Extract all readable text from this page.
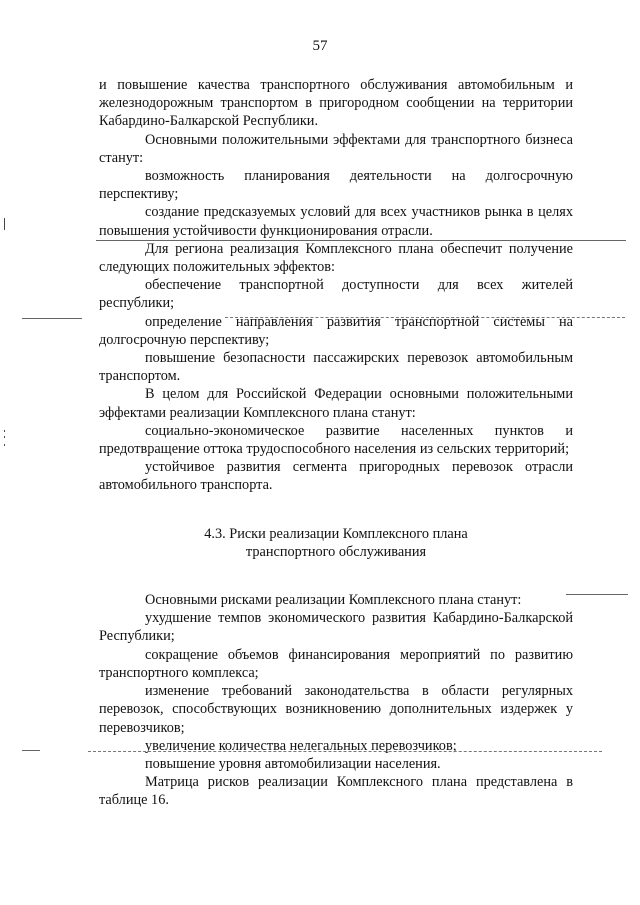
57

и повышение качества транспортного обслуживания автомобильным и железнодорожным транспортом в пригородном сообщении на территории Кабардино-Балкарской Республики.

Основными положительными эффектами для транспортного бизнеса станут:

возможность планирования деятельности на долгосрочную перспективу;

создание предсказуемых условий для всех участников рынка в целях повышения устойчивости функционирования отрасли.

Для региона реализация Комплексного плана обеспечит получение следующих положительных эффектов:

обеспечение транспортной доступности для всех жителей республики;

определение направления развития транспортной системы на долгосрочную перспективу;

повышение безопасности пассажирских перевозок автомобильным транспортом.

В целом для Российской Федерации основными положительными эффектами реализации Комплексного плана станут:

социально-экономическое развитие населенных пунктов и предотвращение оттока трудоспособного населения из сельских территорий;

устойчивое развития сегмента пригородных перевозок отрасли автомобильного транспорта.

4.3. Риски реализации Комплексного плана
транспортного обслуживания

Основными рисками реализации Комплексного плана станут:

ухудшение темпов экономического развития Кабардино-Балкарской Республики;

сокращение объемов финансирования мероприятий по развитию транспортного комплекса;

изменение требований законодательства в области регулярных перевозок, способствующих возникновению дополнительных издержек у перевозчиков;

увеличение количества нелегальных перевозчиков;

повышение уровня автомобилизации населения.

Матрица рисков реализации Комплексного плана представлена в таблице 16.
